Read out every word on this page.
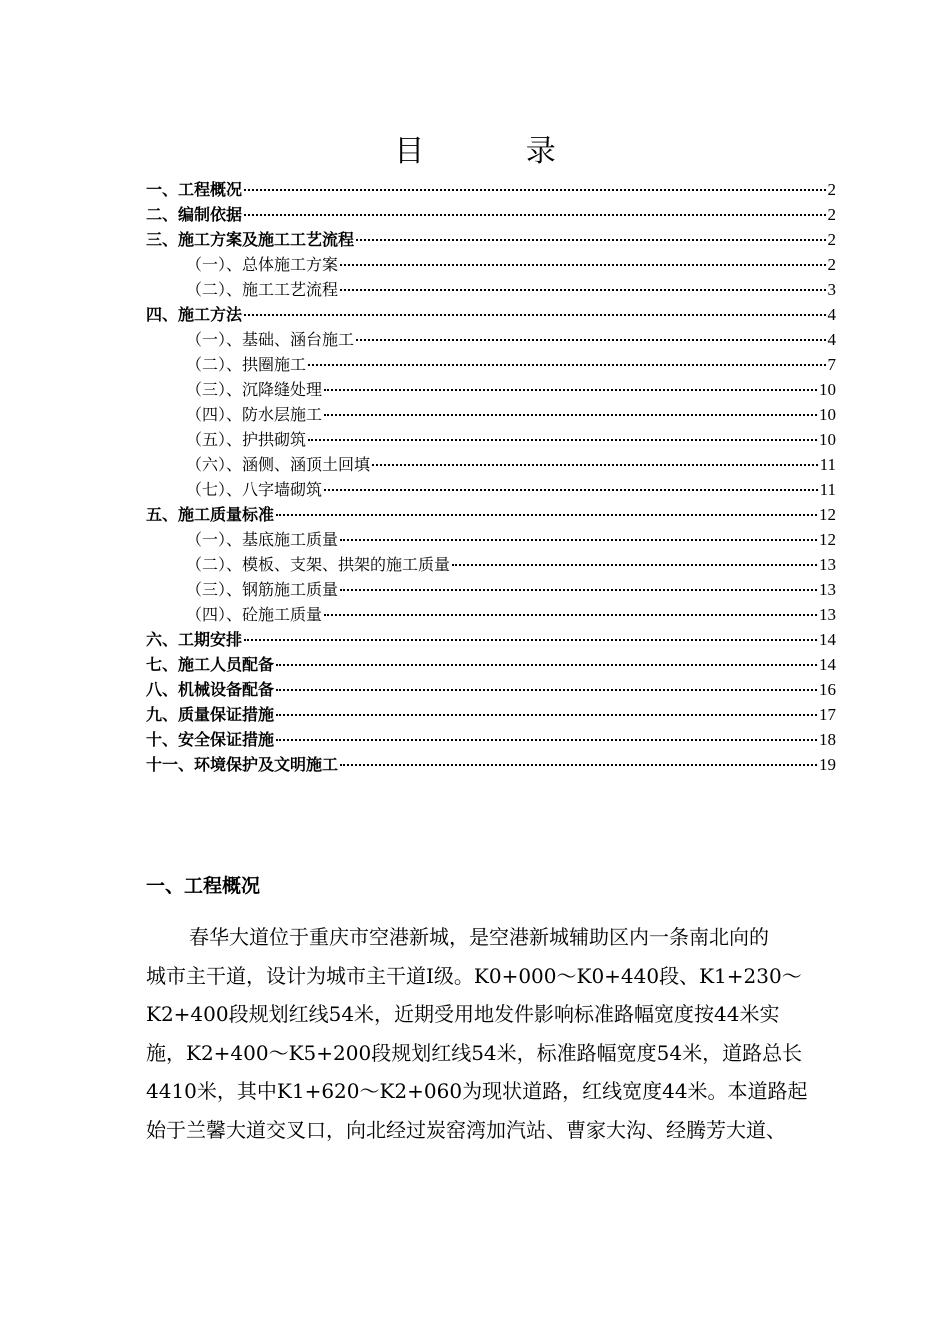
目 录
一、工程概况	2
二、编制依据	2
三、施工方案及施工工艺流程	2
（一）、总体施工方案	2
（二）、施工工艺流程	3
四、施工方法	4
（一）、基础、涵台施工	4
（二）、拱圈施工	7
（三）、沉降缝处理	10
（四）、防水层施工	10
（五）、护拱砌筑	10
（六）、涵侧、涵顶土回填	11
（七）、八字墙砌筑	11
五、施工质量标准	12
（一）、基底施工质量	12
（二）、模板、支架、拱架的施工质量	13
（三）、钢筋施工质量	13
（四）、砼施工质量	13
六、工期安排	14
七、施工人员配备	14
八、机械设备配备	16
九、质量保证措施	17
十、安全保证措施	18
十一、环境保护及文明施工	19
一、工程概况
春华大道位于重庆市空港新城，是空港新城辅助区内一条南北向的
城市主干道，设计为城市主干道Ⅰ级。K0+000～K0+440段、K1+230～
K2+400段规划红线54米，近期受用地发件影响标准路幅宽度按44米实
施，K2+400～K5+200段规划红线54米，标准路幅宽度54米，道路总长
4410米，其中K1+620～K2+060为现状道路，红线宽度44米。本道路起
始于兰馨大道交叉口，向北经过炭窑湾加汽站、曹家大沟、经腾芳大道、
